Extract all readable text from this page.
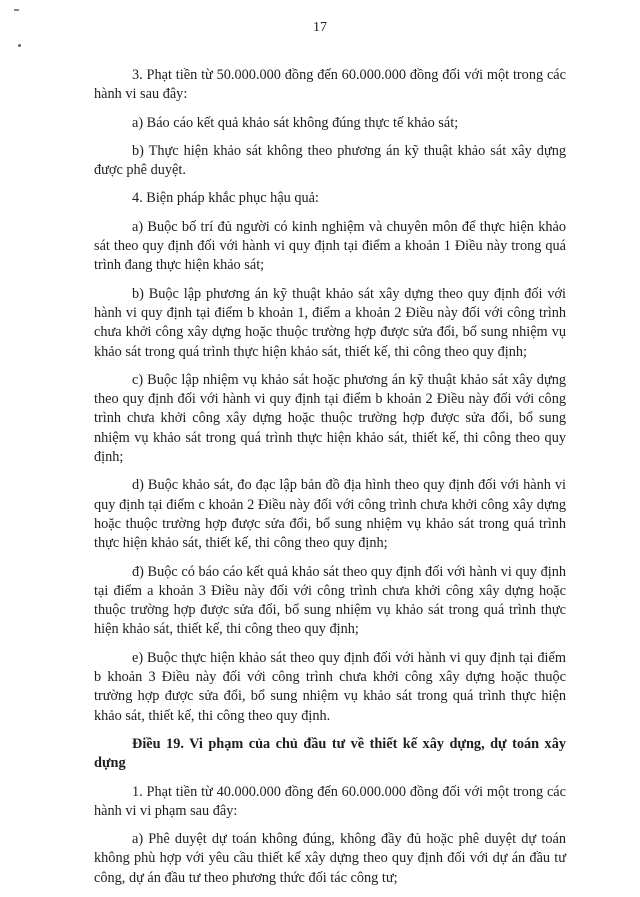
17

3. Phạt tiền từ 50.000.000 đồng đến 60.000.000 đồng đối với một trong các hành vi sau đây:

a) Báo cáo kết quả khảo sát không đúng thực tế khảo sát;

b) Thực hiện khảo sát không theo phương án kỹ thuật khảo sát xây dựng được phê duyệt.

4. Biện pháp khắc phục hậu quả:

a) Buộc bố trí đủ người có kinh nghiệm và chuyên môn để thực hiện khảo sát theo quy định đối với hành vi quy định tại điểm a khoản 1 Điều này trong quá trình đang thực hiện khảo sát;

b) Buộc lập phương án kỹ thuật khảo sát xây dựng theo quy định đối với hành vi quy định tại điểm b khoản 1, điểm a khoản 2 Điều này đối với công trình chưa khởi công xây dựng hoặc thuộc trường hợp được sửa đổi, bổ sung nhiệm vụ khảo sát trong quá trình thực hiện khảo sát, thiết kế, thi công theo quy định;

c) Buộc lập nhiệm vụ khảo sát hoặc phương án kỹ thuật khảo sát xây dựng theo quy định đối với hành vi quy định tại điểm b khoản 2 Điều này đối với công trình chưa khởi công xây dựng hoặc thuộc trường hợp được sửa đổi, bổ sung nhiệm vụ khảo sát trong quá trình thực hiện khảo sát, thiết kế, thi công theo quy định;

d) Buộc khảo sát, đo đạc lập bản đồ địa hình theo quy định đối với hành vi quy định tại điểm c khoản 2 Điều này đối với công trình chưa khởi công xây dựng hoặc thuộc trường hợp được sửa đổi, bổ sung nhiệm vụ khảo sát trong quá trình thực hiện khảo sát, thiết kế, thi công theo quy định;

đ) Buộc có báo cáo kết quả khảo sát theo quy định đối với hành vi quy định tại điểm a khoản 3 Điều này đối với công trình chưa khởi công xây dựng hoặc thuộc trường hợp được sửa đổi, bổ sung nhiệm vụ khảo sát trong quá trình thực hiện khảo sát, thiết kế, thi công theo quy định;

e) Buộc thực hiện khảo sát theo quy định đối với hành vi quy định tại điểm b khoản 3 Điều này đối với công trình chưa khởi công xây dựng hoặc thuộc trường hợp được sửa đổi, bổ sung nhiệm vụ khảo sát trong quá trình thực hiện khảo sát, thiết kế, thi công theo quy định.

Điều 19. Vi phạm của chủ đầu tư về thiết kế xây dựng, dự toán xây dựng

1. Phạt tiền từ 40.000.000 đồng đến 60.000.000 đồng đối với một trong các hành vi vi phạm sau đây:

a) Phê duyệt dự toán không đúng, không đầy đủ hoặc phê duyệt dự toán không phù hợp với yêu cầu thiết kế xây dựng theo quy định đối với dự án đầu tư công, dự án đầu tư theo phương thức đối tác công tư;
